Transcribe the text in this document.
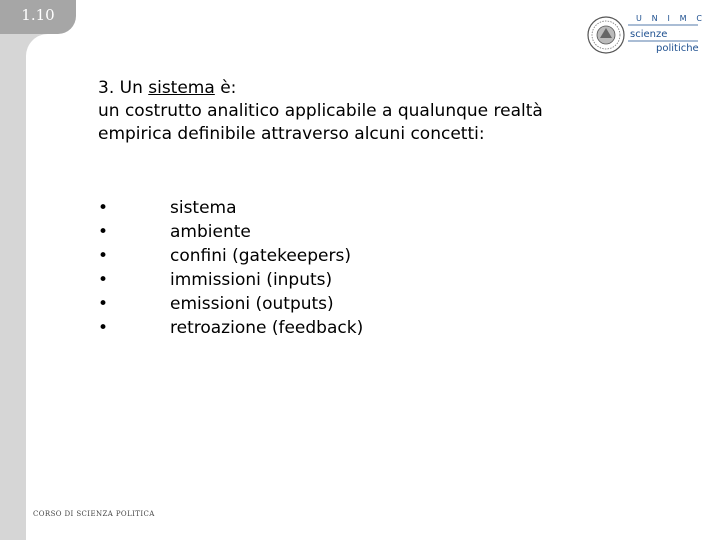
1.10	U N I M C
scienze
politiche
3. Un sistema è:
un costrutto analitico applicabile a qualunque realtà
empirica definibile attraverso alcuni concetti:
•	sistema
•	ambiente
•	confini (gatekeepers)
•	immissioni (inputs)
•	emissioni (outputs)
•	retroazione (feedback)
CORSO DI SCIENZA POLITICA
